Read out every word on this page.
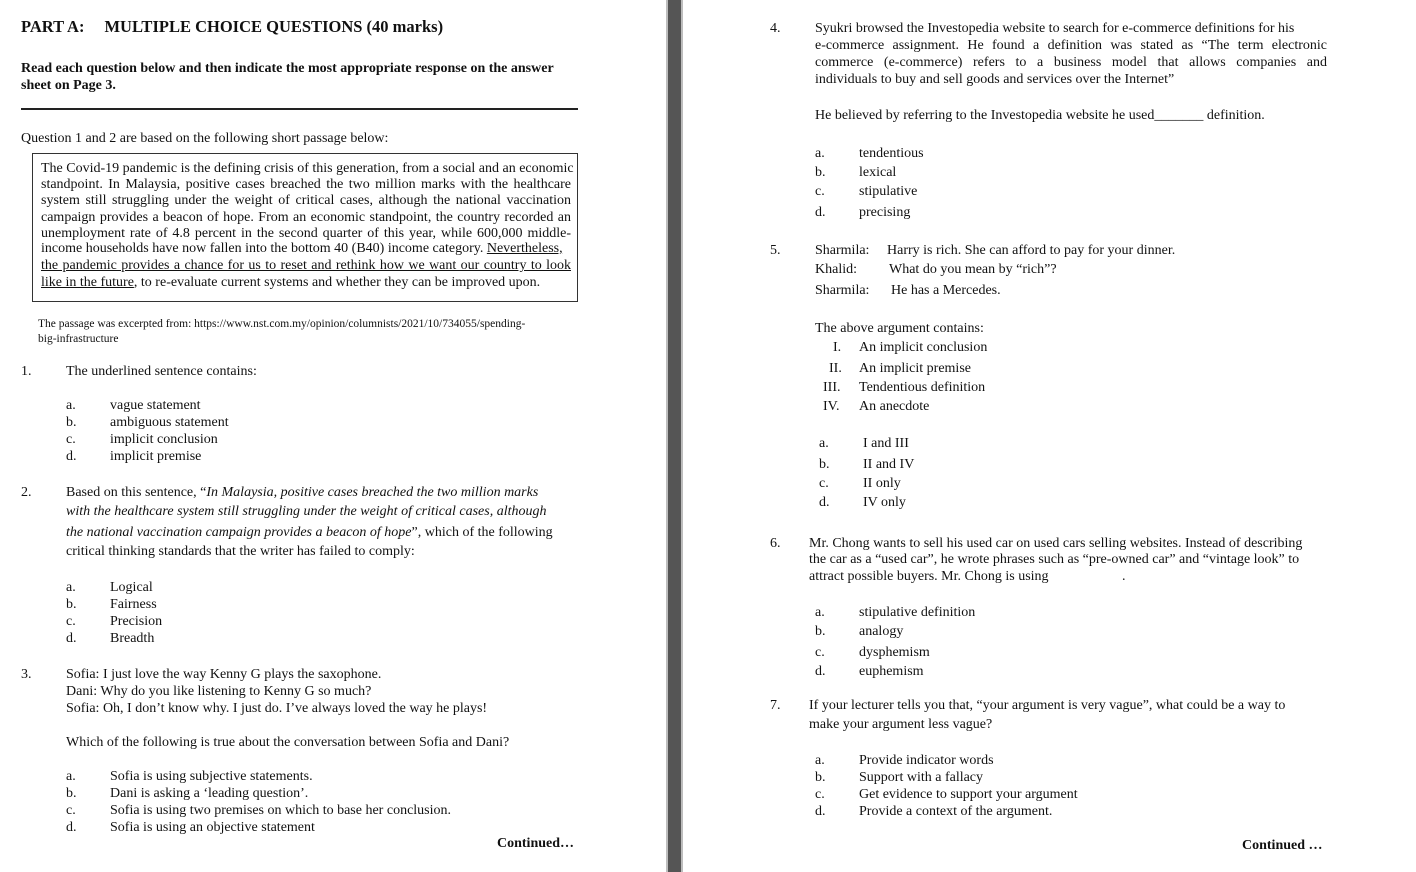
PART A: MULTIPLE CHOICE QUESTIONS (40 marks)
Read each question below and then indicate the most appropriate response on the answer
sheet on Page 3.
Question 1 and 2 are based on the following short passage below:
The Covid-19 pandemic is the defining crisis of this generation, from a social and an economic
standpoint. In Malaysia, positive cases breached the two million marks with the healthcare
system still struggling under the weight of critical cases, although the national vaccination
campaign provides a beacon of hope. From an economic standpoint, the country recorded an
unemployment rate of 4.8 percent in the second quarter of this year, while 600,000 middle-
income households have now fallen into the bottom 40 (B40) income category. Nevertheless,
the pandemic provides a chance for us to reset and rethink how we want our country to look
like in the future, to re-evaluate current systems and whether they can be improved upon.
The passage was excerpted from: https://www.nst.com.my/opinion/columnists/2021/10/734055/spending-
big-infrastructure
1. The underlined sentence contains:
a. vague statement
b. ambiguous statement
c. implicit conclusion
d. implicit premise
2. Based on this sentence, “In Malaysia, positive cases breached the two million marks
with the healthcare system still struggling under the weight of critical cases, although
the national vaccination campaign provides a beacon of hope”, which of the following
critical thinking standards that the writer has failed to comply:
a. Logical
b. Fairness
c. Precision
d. Breadth
3. Sofia: I just love the way Kenny G plays the saxophone.
Dani: Why do you like listening to Kenny G so much?
Sofia: Oh, I don’t know why. I just do. I’ve always loved the way he plays!
Which of the following is true about the conversation between Sofia and Dani?
a. Sofia is using subjective statements.
b. Dani is asking a ‘leading question’.
c. Sofia is using two premises on which to base her conclusion.
d. Sofia is using an objective statement
Continued…
4. Syukri browsed the Investopedia website to search for e-commerce definitions for his
e-commerce assignment. He found a definition was stated as “The term electronic
commerce (e-commerce) refers to a business model that allows companies and
individuals to buy and sell goods and services over the Internet”
He believed by referring to the Investopedia website he used_______ definition.
a. tendentious
b. lexical
c. stipulative
d. precising
5. Sharmila: Harry is rich. She can afford to pay for your dinner.
Khalid: What do you mean by “rich”?
Sharmila: He has a Mercedes.
The above argument contains:
I. An implicit conclusion
II. An implicit premise
III. Tendentious definition
IV. An anecdote
a. I and III
b. II and IV
c. II only
d. IV only
6. Mr. Chong wants to sell his used car on used cars selling websites. Instead of describing
the car as a “used car”, he wrote phrases such as “pre-owned car” and “vintage look” to
attract possible buyers. Mr. Chong is using                     .
a. stipulative definition
b. analogy
c. dysphemism
d. euphemism
7. If your lecturer tells you that, “your argument is very vague”, what could be a way to
make your argument less vague?
a. Provide indicator words
b. Support with a fallacy
c. Get evidence to support your argument
d. Provide a context of the argument.
Continued …
